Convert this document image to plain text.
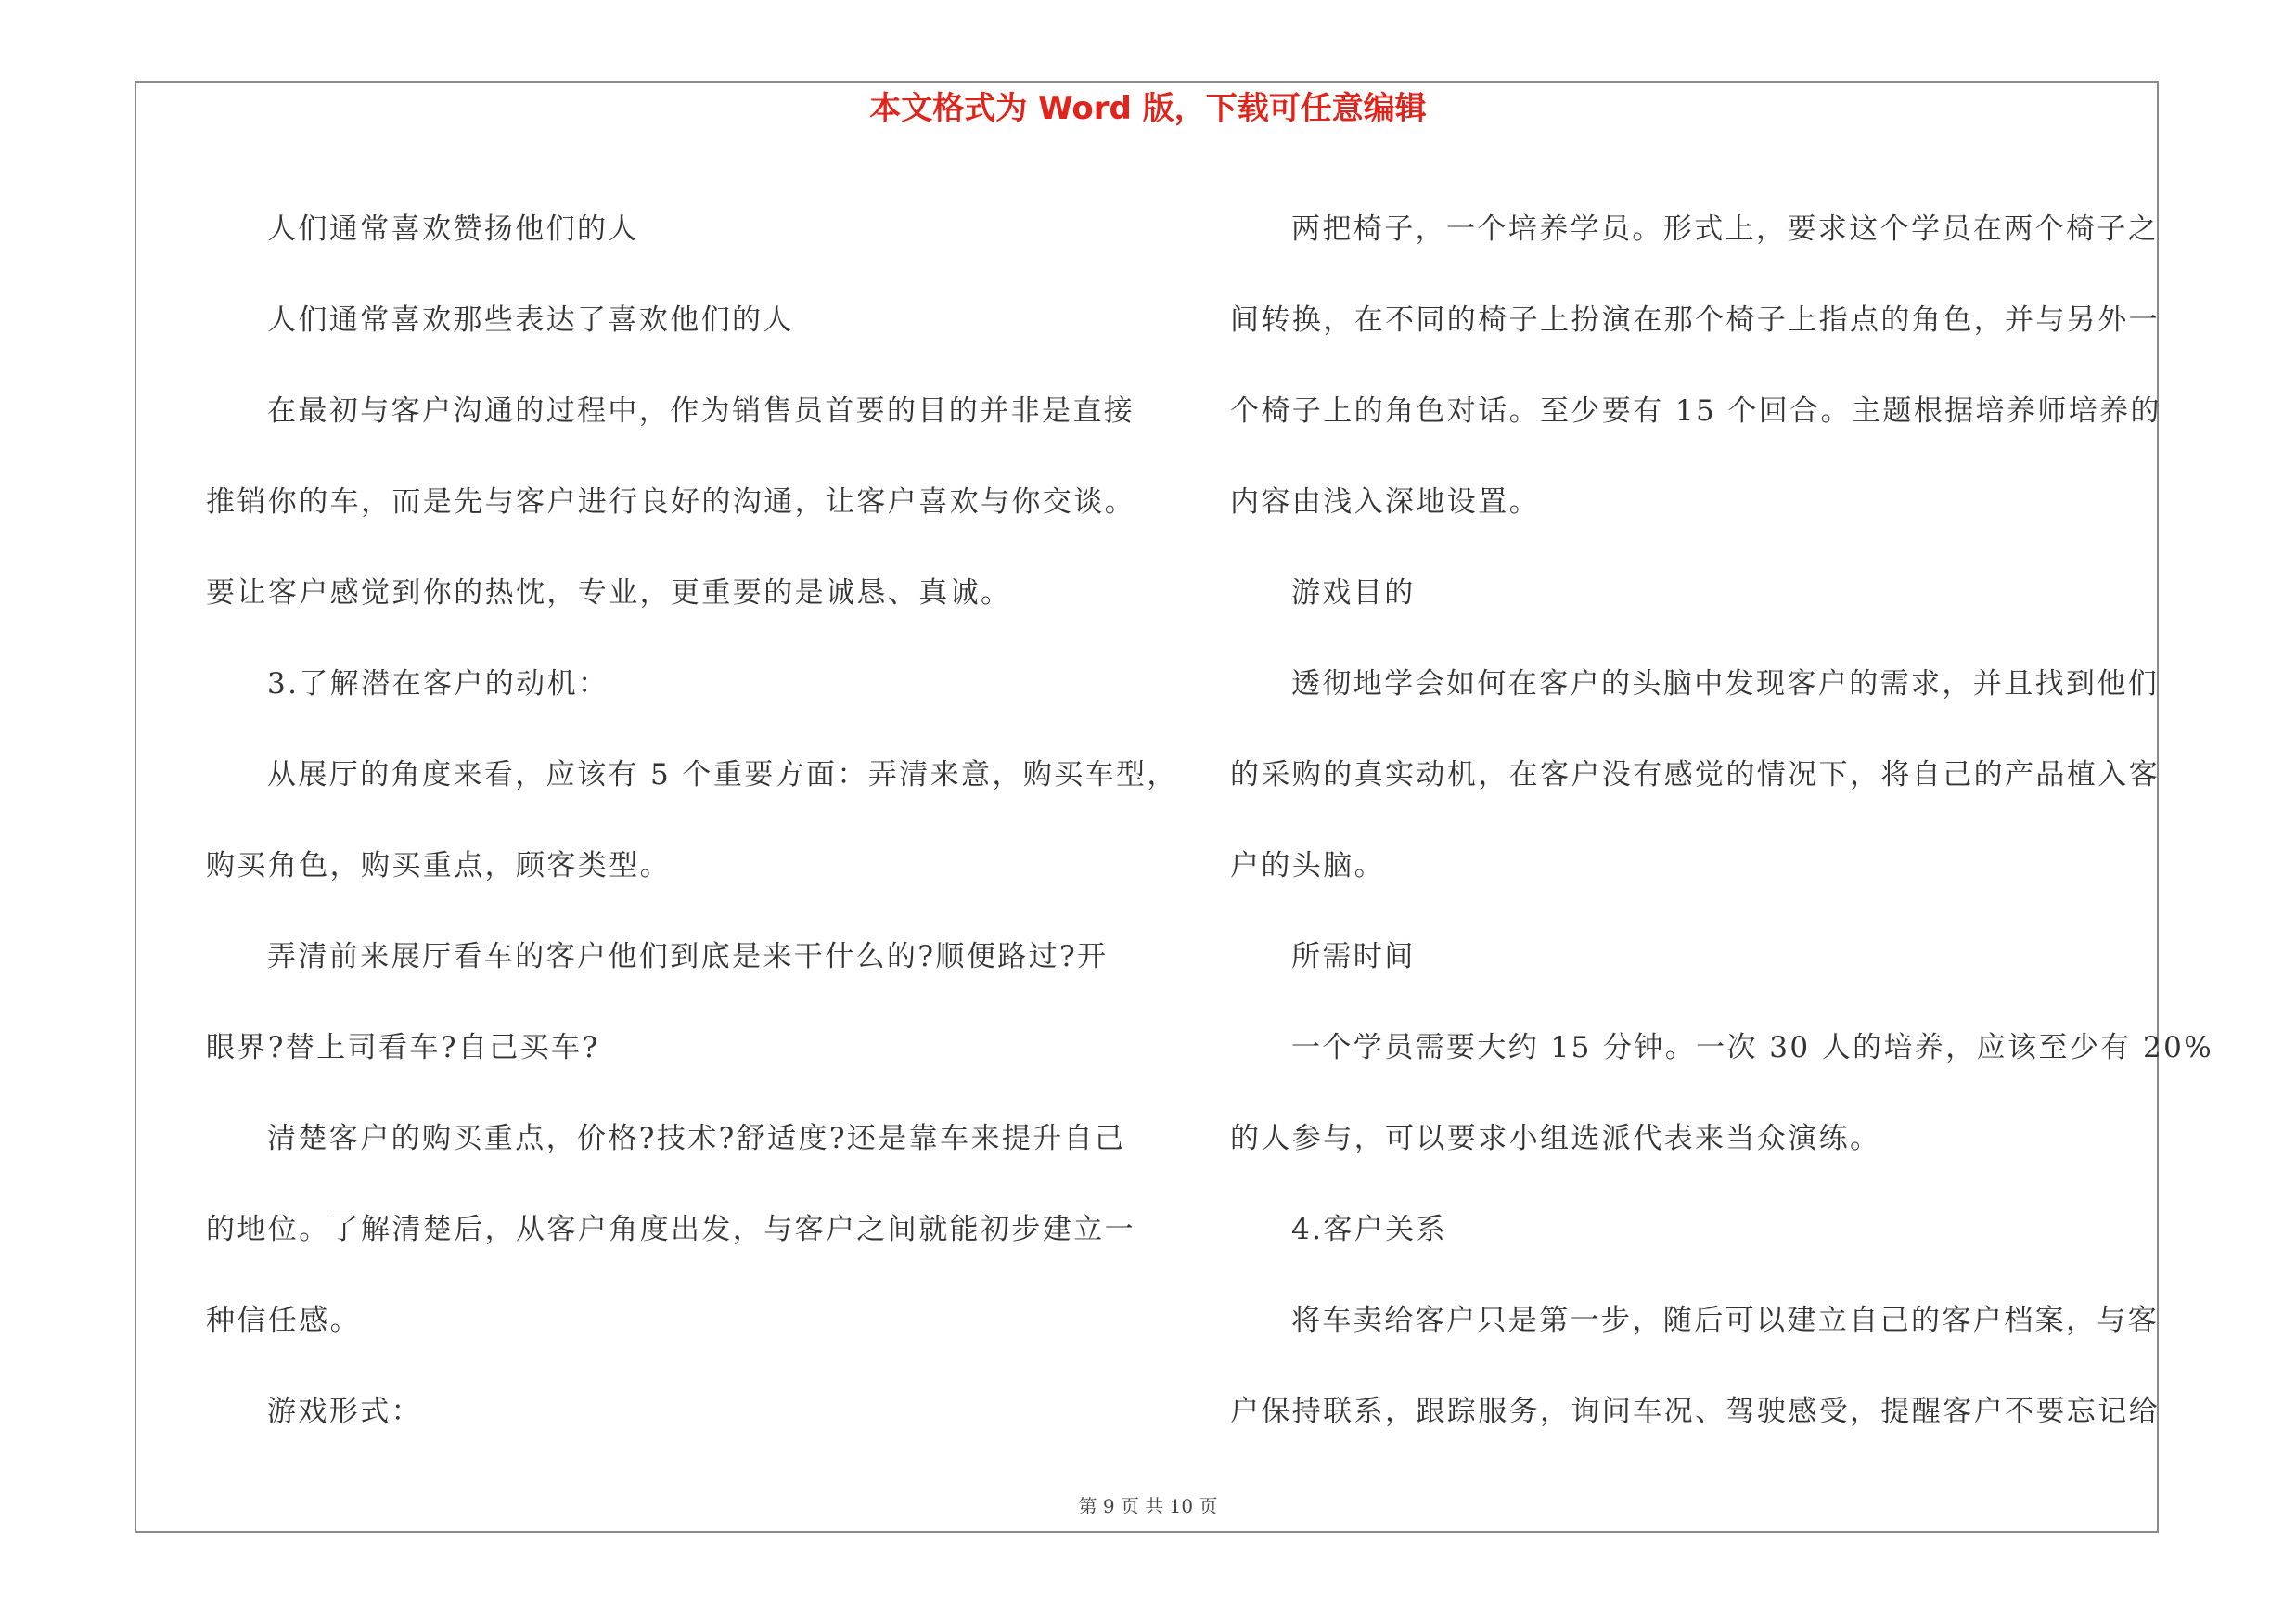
本文格式为 Word 版，下载可任意编辑

人们通常喜欢赞扬他们的人

人们通常喜欢那些表达了喜欢他们的人

在最初与客户沟通的过程中，作为销售员首要的目的并非是直接

推销你的车，而是先与客户进行良好的沟通，让客户喜欢与你交谈。

要让客户感觉到你的热忱，专业，更重要的是诚恳、真诚。

3.了解潜在客户的动机：

从展厅的角度来看，应该有 5 个重要方面：弄清来意，购买车型，

购买角色，购买重点，顾客类型。

弄清前来展厅看车的客户他们到底是来干什么的?顺便路过?开

眼界?替上司看车?自己买车?

清楚客户的购买重点，价格?技术?舒适度?还是靠车来提升自己

的地位。了解清楚后，从客户角度出发，与客户之间就能初步建立一

种信任感。

游戏形式：

两把椅子，一个培养学员。形式上，要求这个学员在两个椅子之

间转换，在不同的椅子上扮演在那个椅子上指点的角色，并与另外一

个椅子上的角色对话。至少要有 15 个回合。主题根据培养师培养的

内容由浅入深地设置。

游戏目的

透彻地学会如何在客户的头脑中发现客户的需求，并且找到他们

的采购的真实动机，在客户没有感觉的情况下，将自己的产品植入客

户的头脑。

所需时间

一个学员需要大约 15 分钟。一次 30 人的培养，应该至少有 20%

的人参与，可以要求小组选派代表来当众演练。

4.客户关系

将车卖给客户只是第一步，随后可以建立自己的客户档案，与客

户保持联系，跟踪服务，询问车况、驾驶感受，提醒客户不要忘记给

第 9 页 共 10 页
